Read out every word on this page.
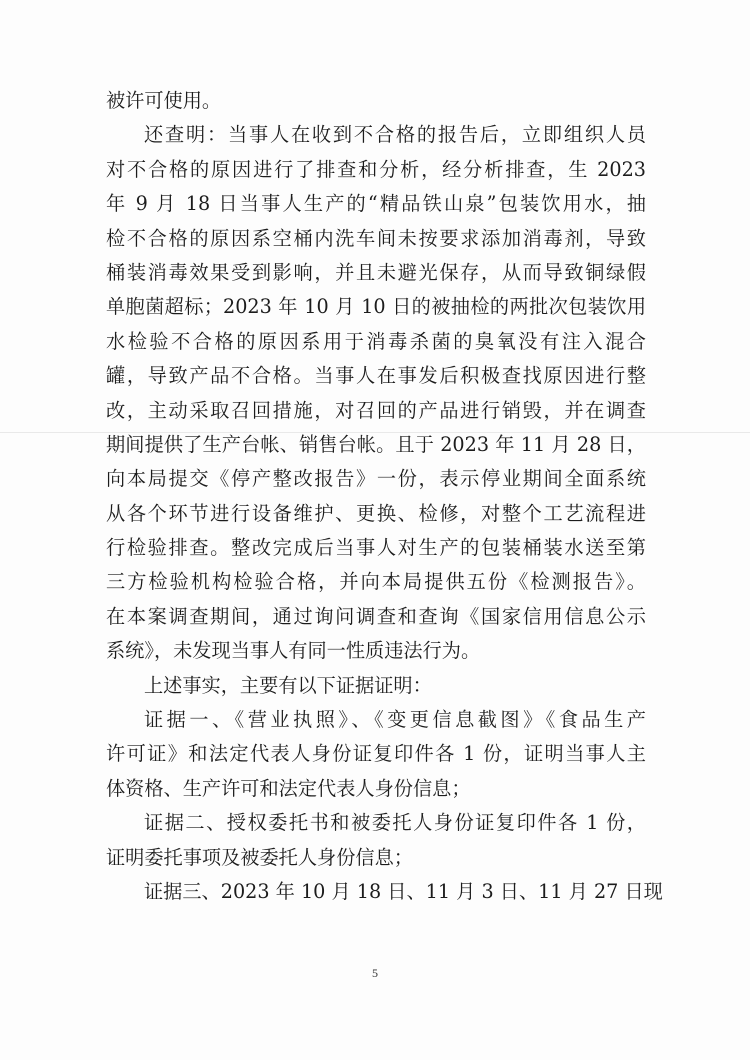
被许可使用。
还查明：当事人在收到不合格的报告后，立即组织人员
对不合格的原因进行了排查和分析，经分析排查，生 2023
年 9 月 18 日当事人生产的“精品铁山泉”包装饮用水，抽
检不合格的原因系空桶内洗车间未按要求添加消毒剂，导致
桶装消毒效果受到影响，并且未避光保存，从而导致铜绿假
单胞菌超标；2023 年 10 月 10 日的被抽检的两批次包装饮用
水检验不合格的原因系用于消毒杀菌的臭氧没有注入混合
罐，导致产品不合格。当事人在事发后积极查找原因进行整
改，主动采取召回措施，对召回的产品进行销毁，并在调查
期间提供了生产台帐、销售台帐。且于 2023 年 11 月 28 日，
向本局提交《停产整改报告》一份，表示停业期间全面系统
从各个环节进行设备维护、更换、检修，对整个工艺流程进
行检验排查。整改完成后当事人对生产的包装桶装水送至第
三方检验机构检验合格，并向本局提供五份《检测报告》。
在本案调查期间，通过询问调查和查询《国家信用信息公示
系统》，未发现当事人有同一性质违法行为。
上述事实，主要有以下证据证明：
证据一、《营业执照》、《变更信息截图》《食品生产
许可证》和法定代表人身份证复印件各 1 份，证明当事人主
体资格、生产许可和法定代表人身份信息；
证据二、授权委托书和被委托人身份证复印件各 1 份，
证明委托事项及被委托人身份信息；
证据三、2023 年 10 月 18 日、11 月 3 日、11 月 27 日现
5
